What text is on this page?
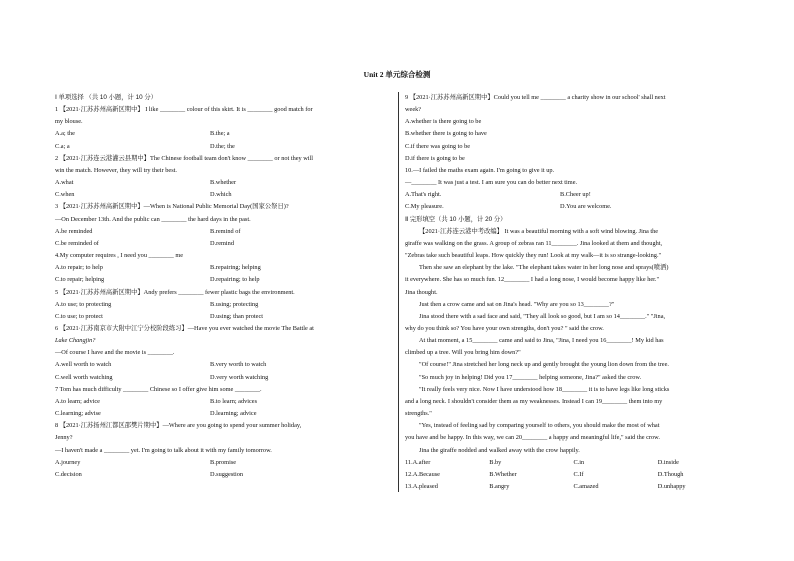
Unit 2 单元综合检测
Ⅰ 单项选择 （共 10 小题，计 10 分）
1 【2021·江苏苏州高新区期中】 I like ________ colour of this skirt. It is ________ good match for
my blouse.
A.a; the	B.the; a
C.a; a	D.the; the
2 【2021·江苏连云港灌云县期中】The Chinese football team don't know ________ or not they will
win the match. However, they will try their best.
A.what	B.whether
C.when	D.which
3 【2021·江苏苏州高新区期中】—When is National Public Memorial Day(国家公祭日)?
—On December 13th. And the public can ________ the hard days in the past.
A.be reminded	B.remind of
C.be reminded of	D.remind
4.My computer requires , I need you ________ me
A.to repair; to help	B.repairing; helping
C.to repair; helping	D.repairing; to help
5 【2021·江苏苏州高新区期中】Andy prefers ________ fewer plastic bags the environment.
A.to use; to protecting	B.using; protecting
C.to use; to protect	D.using; than protect
6 【2021·江苏南京市大附中江宁分校阶段练习】—Have you ever watched the movie The Battle at
Lake Changjin?
—Of course I have and the movie is ________.
A.well worth to watch	B.very worth to watch
C.well worth watching	D.very worth watching
7 Tom has much difficulty ________ Chinese so I offer give him some ________.
A.to learn; advice	B.to learn; advices
C.learning; advise	D.learning; advice
8 【2021·江苏扬州江都区邵樊片期中】—Where are you going to spend your summer holiday,
Jenny?
—I haven't made a ________ yet. I'm going to talk about it with my family tomorrow.
A.journey	B.promise
C.decision	D.suggestion
9 【2021·江苏苏州高新区期中】Could you tell me ________ a charity show in our school' shall next
week?
A.whether is there going to be
B.whether there is going to have
C.if there was going to be
D.if there is going to be
10.—I failed the maths exam again. I'm going to give it up.
—________ It was just a test. I am sure you can do better next time.
A.That's right.	B.Cheer up!
C.My pleasure.	D.You are welcome.
Ⅱ 完形填空（共 10 小题，计 20 分）
【2021·江苏连云港中考改编】 It was a beautiful morning with a soft wind blowing. Jina the
giraffe was walking on the grass. A group of zebras ran 11________. Jina looked at them and thought,
"Zebras take such beautiful leaps. How quickly they run! Look at my walk—it is so strange-looking."
Then she saw an elephant by the lake. "The elephant takes water in her long nose and sprays(喷洒)
it everywhere. She has so much fun. 12________ I had a long nose, I would become happy like her."
Jina thought.
Just then a crow came and sat on Jina's head. "Why are you so 13________?"
Jina stood there with a sad face and said, "They all look so good, but I am so 14________." "Jina,
why do you think so? You have your own strengths, don't you? " said the crow.
At that moment, a 15________ came and said to Jina, "Jina, I need you 16________! My kid has
climbed up a tree. Will you bring him down?"
"Of course!" Jina stretched her long neck up and gently brought the young lion down from the tree.
"So much joy in helping! Did you 17________ helping someone, Jina?" asked the crow.
"It really feels very nice. Now I have understood how 18________ it is to have legs like long sticks
and a long neck. I shouldn't consider them as my weaknesses. Instead I can 19________ them into my
strengths."
"Yes, instead of feeling sad by comparing yourself to others, you should make the most of what
you have and be happy. In this way, we can 20________ a happy and meaningful life," said the crow.
Jina the giraffe nodded and walked away with the crow happily.
11.A.after	B.by	C.in	D.inside
12.A.Because	B.Whether	C.If	D.Though
13.A.pleased	B.angry	C.amazed	D.unhappy
